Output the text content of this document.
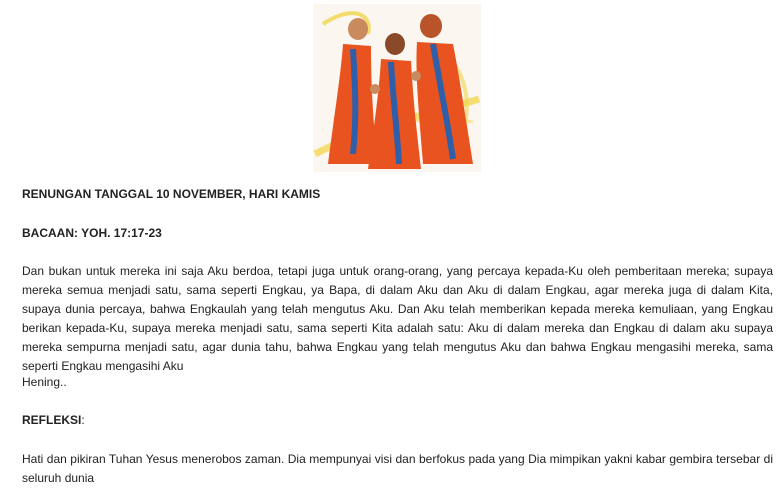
RENUNGAN TANGGAL 10 NOVEMBER, HARI KAMIS
BACAAN: YOH. 17:17-23
Dan bukan untuk mereka ini saja Aku berdoa, tetapi juga untuk orang-orang, yang percaya kepada-Ku oleh pemberitaan mereka; supaya mereka semua menjadi satu, sama seperti Engkau, ya Bapa, di dalam Aku dan Aku di dalam Engkau, agar mereka juga di dalam Kita, supaya dunia percaya, bahwa Engkaulah yang telah mengutus Aku. Dan Aku telah memberikan kepada mereka kemuliaan, yang Engkau berikan kepada-Ku, supaya mereka menjadi satu, sama seperti Kita adalah satu: Aku di dalam mereka dan Engkau di dalam aku supaya mereka sempurna menjadi satu, agar dunia tahu, bahwa Engkau yang telah mengutus Aku dan bahwa Engkau mengasihi mereka, sama seperti Engkau mengasihi Aku
Hening..
REFLEKSI:
Hati dan pikiran Tuhan Yesus menerobos zaman. Dia mempunyai visi dan berfokus pada yang Dia mimpikan yakni kabar gembira tersebar di seluruh dunia
